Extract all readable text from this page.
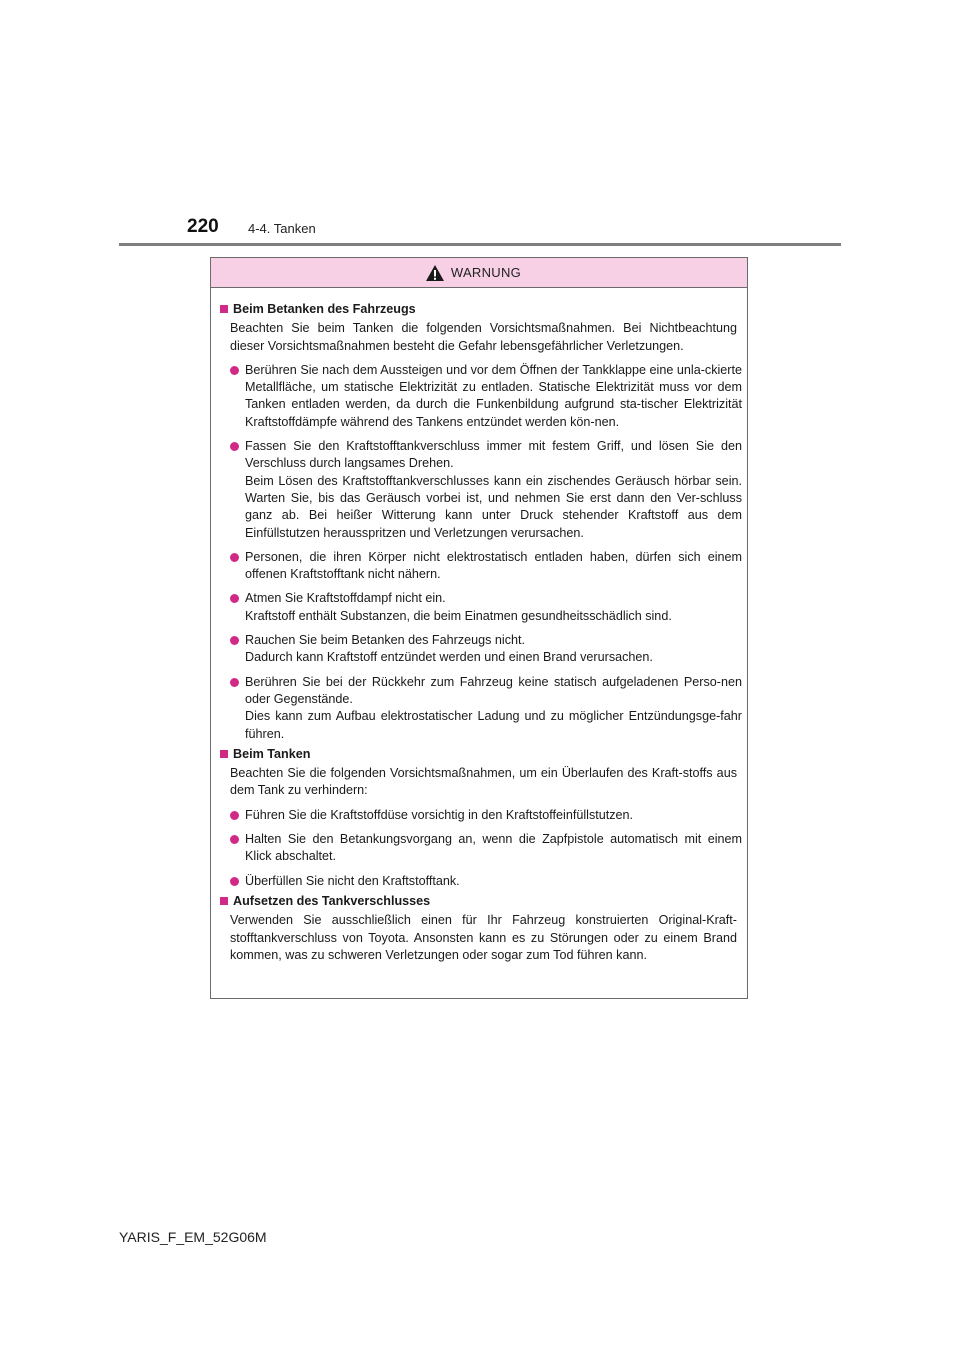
220 4-4. Tanken
WARNUNG
Beim Betanken des Fahrzeugs
Beachten Sie beim Tanken die folgenden Vorsichtsmaßnahmen. Bei Nichtbeachtung dieser Vorsichtsmaßnahmen besteht die Gefahr lebensgefährlicher Verletzungen.
Berühren Sie nach dem Aussteigen und vor dem Öffnen der Tankklappe eine unla-ckierte Metallfläche, um statische Elektrizität zu entladen. Statische Elektrizität muss vor dem Tanken entladen werden, da durch die Funkenbildung aufgrund sta-tischer Elektrizität Kraftstoffdämpfe während des Tankens entzündet werden kön-nen.
Fassen Sie den Kraftstofftankverschluss immer mit festem Griff, und lösen Sie den Verschluss durch langsames Drehen.
Beim Lösen des Kraftstofftankverschlusses kann ein zischendes Geräusch hörbar sein. Warten Sie, bis das Geräusch vorbei ist, und nehmen Sie erst dann den Ver-schluss ganz ab. Bei heißer Witterung kann unter Druck stehender Kraftstoff aus dem Einfüllstutzen herausspritzen und Verletzungen verursachen.
Personen, die ihren Körper nicht elektrostatisch entladen haben, dürfen sich einem offenen Kraftstofftank nicht nähern.
Atmen Sie Kraftstoffdampf nicht ein.
Kraftstoff enthält Substanzen, die beim Einatmen gesundheitsschädlich sind.
Rauchen Sie beim Betanken des Fahrzeugs nicht.
Dadurch kann Kraftstoff entzündet werden und einen Brand verursachen.
Berühren Sie bei der Rückkehr zum Fahrzeug keine statisch aufgeladenen Perso-nen oder Gegenstände.
Dies kann zum Aufbau elektrostatischer Ladung und zu möglicher Entzündungsge-fahr führen.
Beim Tanken
Beachten Sie die folgenden Vorsichtsmaßnahmen, um ein Überlaufen des Kraft-stoffs aus dem Tank zu verhindern:
Führen Sie die Kraftstoffdüse vorsichtig in den Kraftstoffeinfüllstutzen.
Halten Sie den Betankungsvorgang an, wenn die Zapfpistole automatisch mit einem Klick abschaltet.
Überfüllen Sie nicht den Kraftstofftank.
Aufsetzen des Tankverschlusses
Verwenden Sie ausschließlich einen für Ihr Fahrzeug konstruierten Original-Kraft-stofftankverschluss von Toyota. Ansonsten kann es zu Störungen oder zu einem Brand kommen, was zu schweren Verletzungen oder sogar zum Tod führen kann.
YARIS_F_EM_52G06M
